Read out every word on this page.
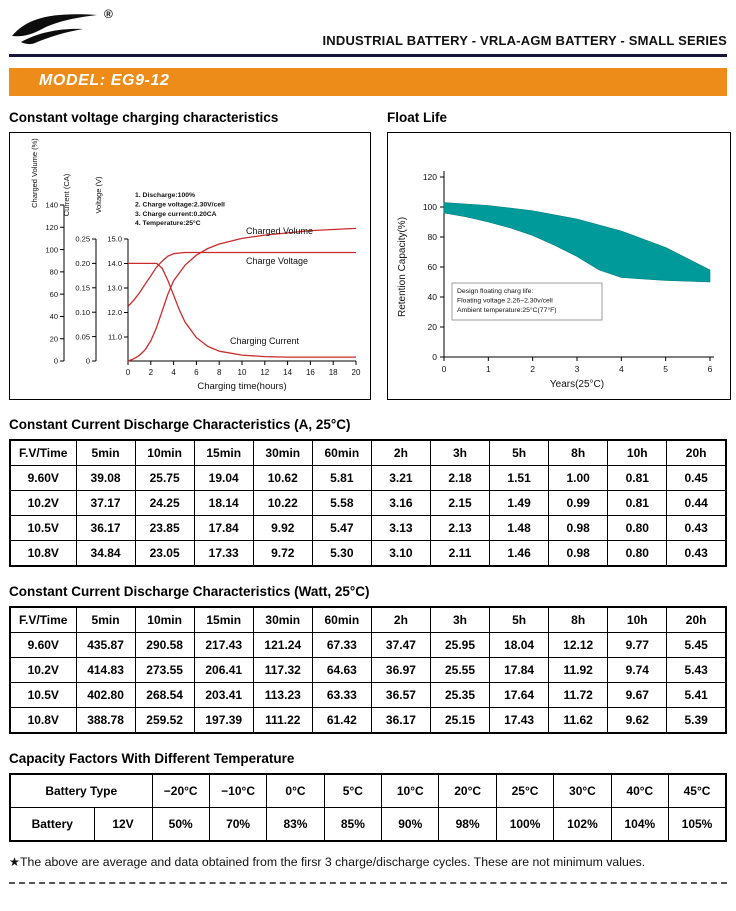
®
INDUSTRIAL BATTERY - VRLA-AGM BATTERY - SMALL SERIES
MODEL: EG9-12
Constant voltage charging characteristics
0 2 4 6 8 10 12 14 16 18 20
Charging time(hours)
0
20
40
60
80
100
120
140
Charged Volume (%)
0
0.05
0.10
0.15
0.20
0.25
Current (CA)
11.0
12.0
13.0
14.0
15.0
Voltage (V)	1. Discharge:100%
2. Charge voltage:2.30V/cell
3. Charge current:0.20CA
4. Temperature:25°C
Charged Volume
Charge Voltage
Charging Current
Float Life
0
20
40
60
80
100
120
0	1	2	3	4	5	6
Years(25°C)
Retention Capacity(%)	Design floating charg life:
Floating voltage 2.26~2.30v/cell
Ambient temperature:25°C(77°F)
Constant Current Discharge Characteristics (A, 25°C)
F.V/Time	5min	10min	15min	30min	60min	2h	3h	5h	8h	10h	20h
9.60V	39.08	25.75	19.04	10.62	5.81	3.21	2.18	1.51	1.00	0.81	0.45
10.2V	37.17	24.25	18.14	10.22	5.58	3.16	2.15	1.49	0.99	0.81	0.44
10.5V	36.17	23.85	17.84	9.92	5.47	3.13	2.13	1.48	0.98	0.80	0.43
10.8V	34.84	23.05	17.33	9.72	5.30	3.10	2.11	1.46	0.98	0.80	0.43
Constant Current Discharge Characteristics (Watt, 25°C)
F.V/Time	5min	10min	15min	30min	60min	2h	3h	5h	8h	10h	20h
9.60V	435.87	290.58	217.43	121.24	67.33	37.47	25.95	18.04	12.12	9.77	5.45
10.2V	414.83	273.55	206.41	117.32	64.63	36.97	25.55	17.84	11.92	9.74	5.43
10.5V	402.80	268.54	203.41	113.23	63.33	36.57	25.35	17.64	11.72	9.67	5.41
10.8V	388.78	259.52	197.39	111.22	61.42	36.17	25.15	17.43	11.62	9.62	5.39
Capacity Factors With Different Temperature
Battery Type		−20°C	−10°C	0°C	5°C	10°C	20°C	25°C	30°C	40°C	45°C
Battery	12V	50%	70%	83%	85%	90%	98%	100%	102%	104%	105%

★The above are average and data obtained from the firsr 3 charge/discharge cycles. These are not minimum values.
